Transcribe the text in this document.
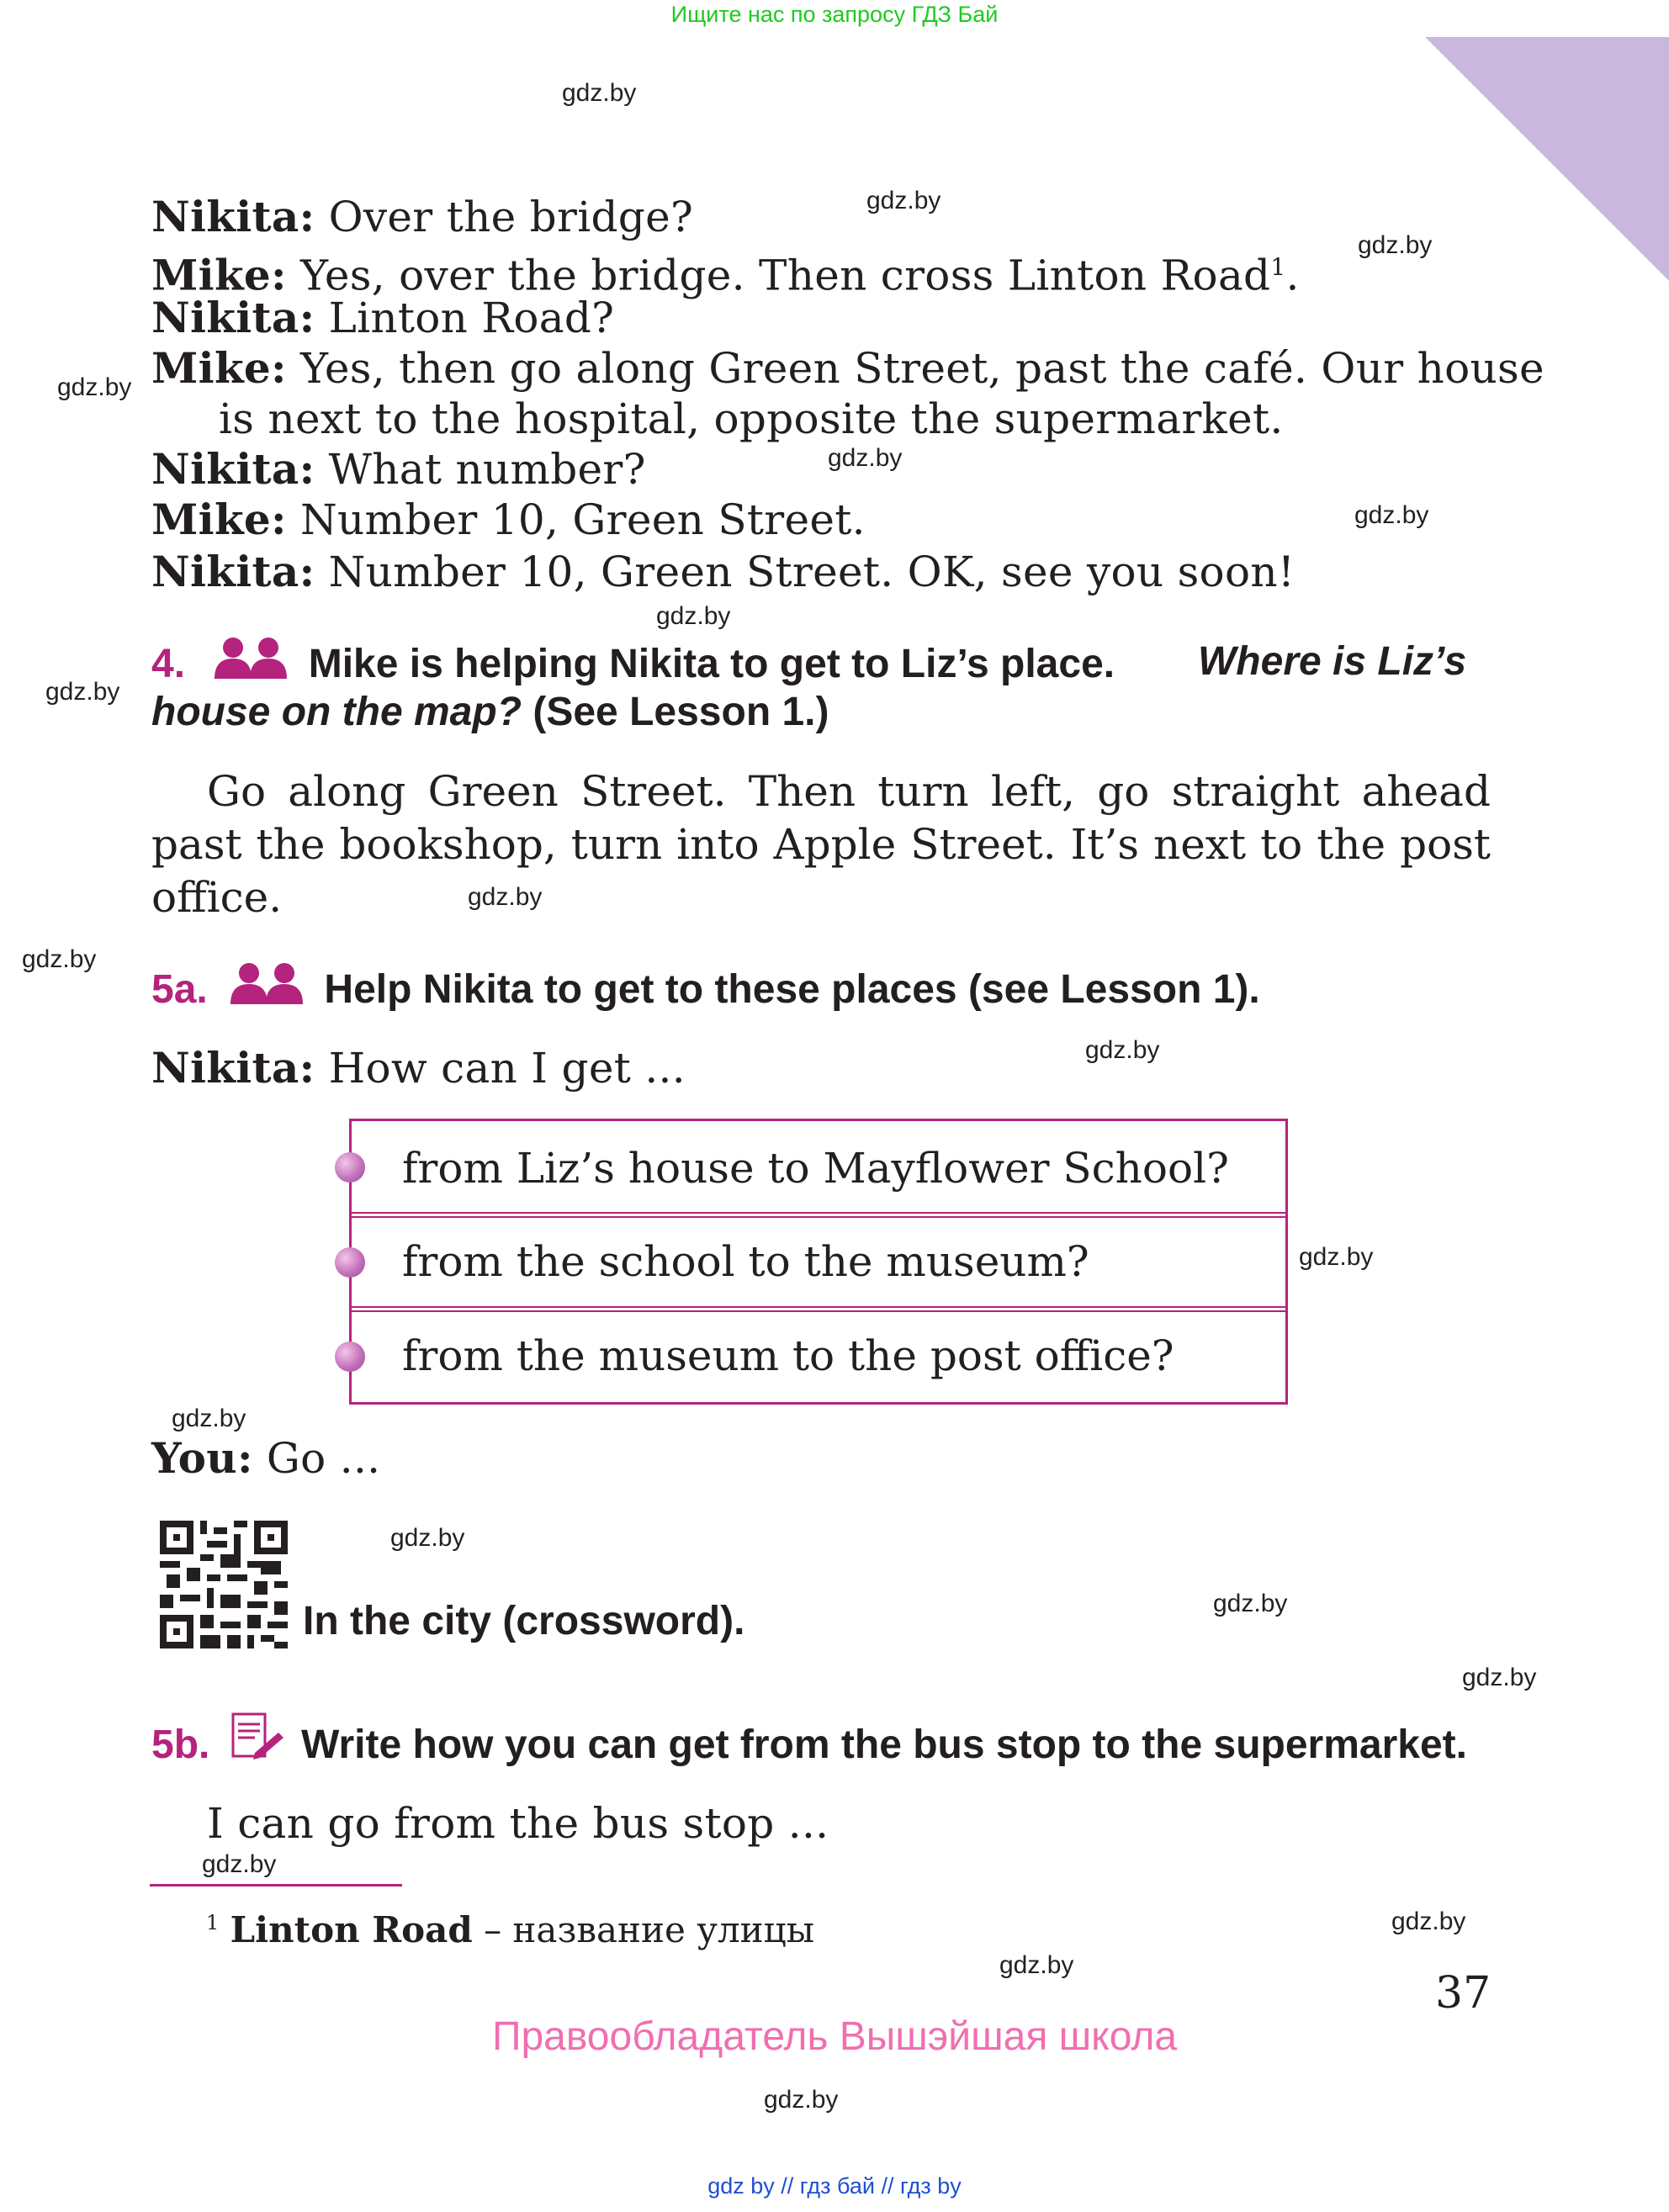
Ищите нас по запросу ГДЗ Бай
gdz.by
gdz.by
gdz.by
gdz.by
gdz.by
gdz.by
gdz.by
gdz.by
gdz.by
gdz.by
gdz.by
gdz.by
gdz.by
gdz.by
gdz.by
gdz.by
gdz.by
gdz.by
gdz.by
gdz.by
Nikita: Over the bridge?
Mike: Yes, over the bridge. Then cross Linton Road$^1$.
Nikita: Linton Road?
Mike: Yes, then go along Green Street, past the café. Our house
is next to the hospital, opposite the supermarket.
Nikita: What number?
Mike: Number 10, Green Street.
Nikita: Number 10, Green Street. OK, see you soon!
4.	Mike is helping Nikita to get to Liz’s place.	Where is Liz’s
house on the map? (See Lesson 1.)
Go along Green Street. Then turn left, go straight ahead past the bookshop, turn into Apple Street. It’s next to the post office.
5a.	Help Nikita to get to these places (see Lesson 1).
Nikita: How can I get ...
from Liz’s house to Mayflower School?
from the school to the museum?
from the museum to the post office?
You: Go ...
In the city (crossword).
5b. Write how you can get from the bus stop to the supermarket.
I can go from the bus stop ...
$^1$ Linton Road – название улицы
37
Правообладатель Вышэйшая школа
gdz by // гдз бай // гдз by
